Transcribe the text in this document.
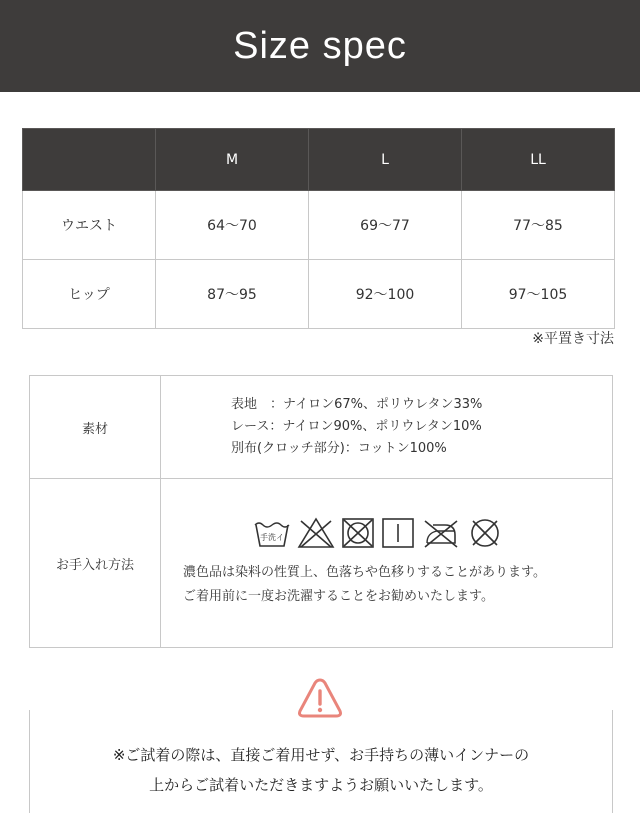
Size spec
	M	L	LL
ウエスト	64〜70	69〜77	77〜85
ヒップ	87〜95	92〜100	97〜105
※平置き寸法
素材	表地　：ナイロン67%、ポリウレタン33%
レース：ナイロン90%、ポリウレタン10%
別布(クロッチ部分)：コットン100%

お手入れ方法	手洗イ
濃色品は染料の性質上、色落ちや色移りすることがあります。
ご着用前に一度お洗濯することをお勧めいたします。
※ご試着の際は、直接ご着用せず、お手持ちの薄いインナーの
上からご試着いただきますようお願いいたします。
